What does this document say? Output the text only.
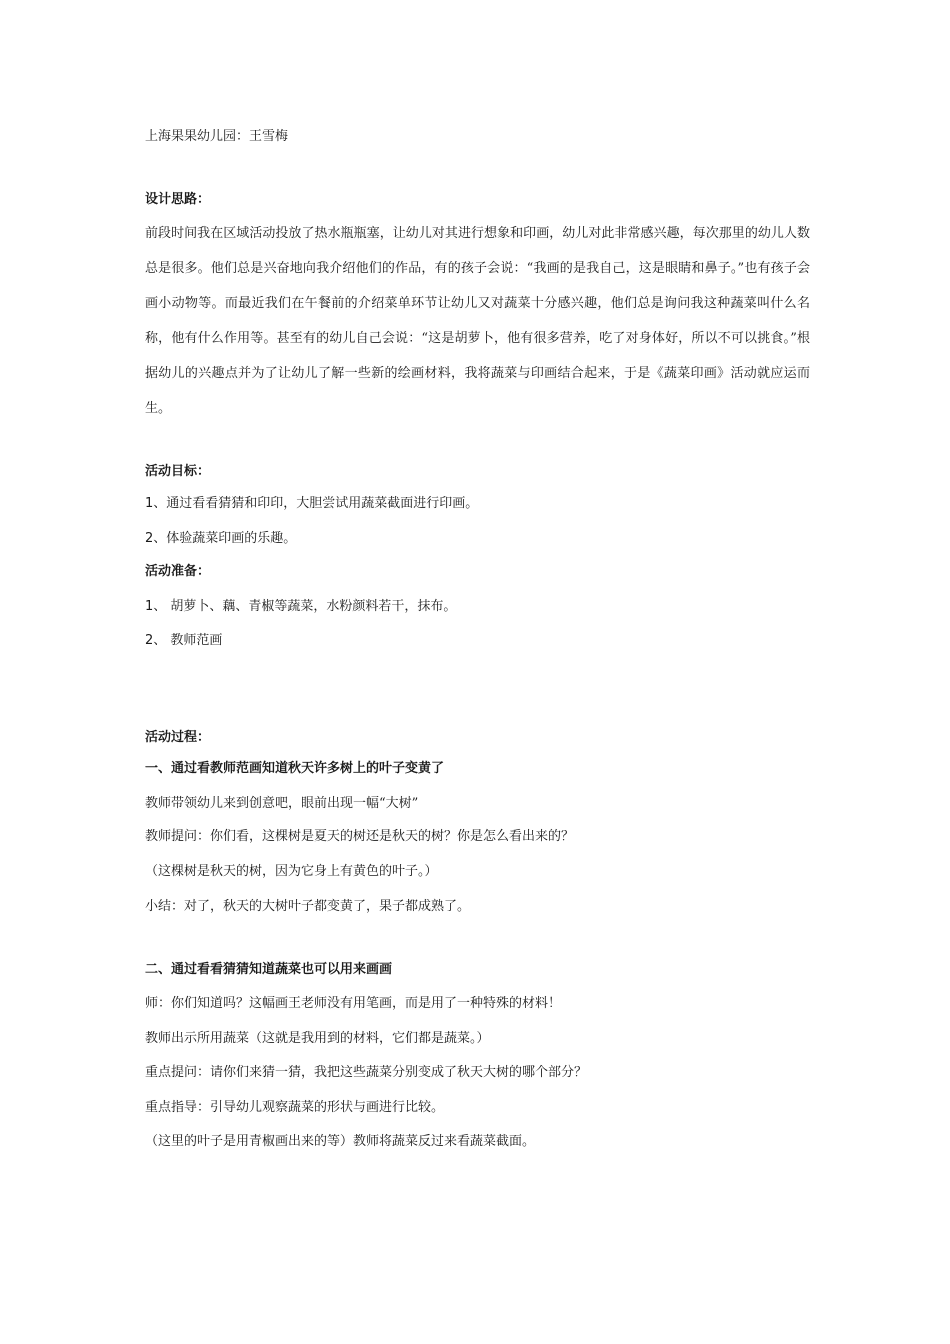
上海果果幼儿园：王雪梅
设计思路：
前段时间我在区域活动投放了热水瓶瓶塞，让幼儿对其进行想象和印画，幼儿对此非常感兴趣，每次那里的幼儿人数总是很多。他们总是兴奋地向我介绍他们的作品，有的孩子会说：“我画的是我自己，这是眼睛和鼻子。”也有孩子会画小动物等。而最近我们在午餐前的介绍菜单环节让幼儿又对蔬菜十分感兴趣，他们总是询问我这种蔬菜叫什么名称，他有什么作用等。甚至有的幼儿自己会说：“这是胡萝卜，他有很多营养，吃了对身体好，所以不可以挑食。”根据幼儿的兴趣点并为了让幼儿了解一些新的绘画材料，我将蔬菜与印画结合起来，于是《蔬菜印画》活动就应运而生。
活动目标：
1、通过看看猜猜和印印，大胆尝试用蔬菜截面进行印画。
2、体验蔬菜印画的乐趣。
活动准备：
1、 胡萝卜、藕、青椒等蔬菜，水粉颜料若干，抹布。
2、 教师范画
活动过程：
一、通过看教师范画知道秋天许多树上的叶子变黄了
教师带领幼儿来到创意吧，眼前出现一幅“大树”
教师提问：你们看，这棵树是夏天的树还是秋天的树？你是怎么看出来的？
（这棵树是秋天的树，因为它身上有黄色的叶子。）
小结：对了，秋天的大树叶子都变黄了，果子都成熟了。
二、通过看看猜猜知道蔬菜也可以用来画画
师：你们知道吗？这幅画王老师没有用笔画，而是用了一种特殊的材料！
教师出示所用蔬菜（这就是我用到的材料，它们都是蔬菜。）
重点提问：请你们来猜一猜，我把这些蔬菜分别变成了秋天大树的哪个部分？
重点指导：引导幼儿观察蔬菜的形状与画进行比较。
（这里的叶子是用青椒画出来的等）教师将蔬菜反过来看蔬菜截面。
